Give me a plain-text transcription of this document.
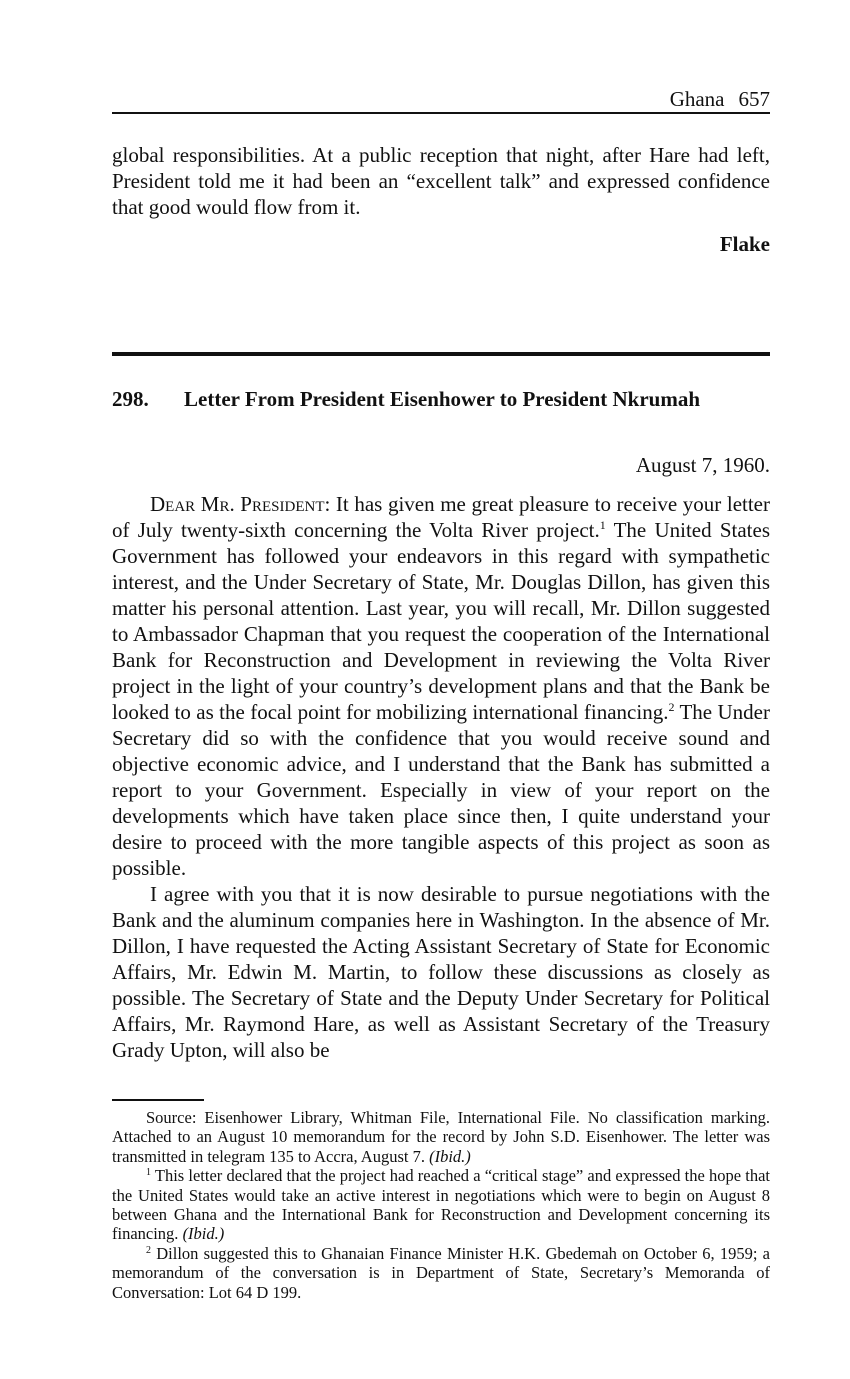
Ghana 657
global responsibilities. At a public reception that night, after Hare had left, President told me it had been an “excellent talk” and expressed confidence that good would flow from it.
Flake
298. Letter From President Eisenhower to President Nkrumah
August 7, 1960.

Dear Mr. President: It has given me great pleasure to receive your letter of July twenty-sixth concerning the Volta River project.$^1$ The United States Government has followed your endeavors in this regard with sympathetic interest, and the Under Secretary of State, Mr. Douglas Dillon, has given this matter his personal attention. Last year, you will recall, Mr. Dillon suggested to Ambassador Chapman that you request the cooperation of the International Bank for Reconstruction and Development in reviewing the Volta River project in the light of your country’s development plans and that the Bank be looked to as the focal point for mobilizing international financing.$^2$ The Under Secretary did so with the confidence that you would receive sound and objective economic advice, and I understand that the Bank has submitted a report to your Government. Especially in view of your report on the developments which have taken place since then, I quite understand your desire to proceed with the more tangible aspects of this project as soon as possible.

I agree with you that it is now desirable to pursue negotiations with the Bank and the aluminum companies here in Washington. In the absence of Mr. Dillon, I have requested the Acting Assistant Secretary of State for Economic Affairs, Mr. Edwin M. Martin, to follow these discussions as closely as possible. The Secretary of State and the Deputy Under Secretary for Political Affairs, Mr. Raymond Hare, as well as Assistant Secretary of the Treasury Grady Upton, will also be

Source: Eisenhower Library, Whitman File, International File. No classification marking. Attached to an August 10 memorandum for the record by John S.D. Eisenhower. The letter was transmitted in telegram 135 to Accra, August 7. (Ibid.)

$^1$ This letter declared that the project had reached a “critical stage” and expressed the hope that the United States would take an active interest in negotiations which were to begin on August 8 between Ghana and the International Bank for Reconstruction and Development concerning its financing. (Ibid.)

$^2$ Dillon suggested this to Ghanaian Finance Minister H.K. Gbedemah on October 6, 1959; a memorandum of the conversation is in Department of State, Secretary’s Memoranda of Conversation: Lot 64 D 199.
